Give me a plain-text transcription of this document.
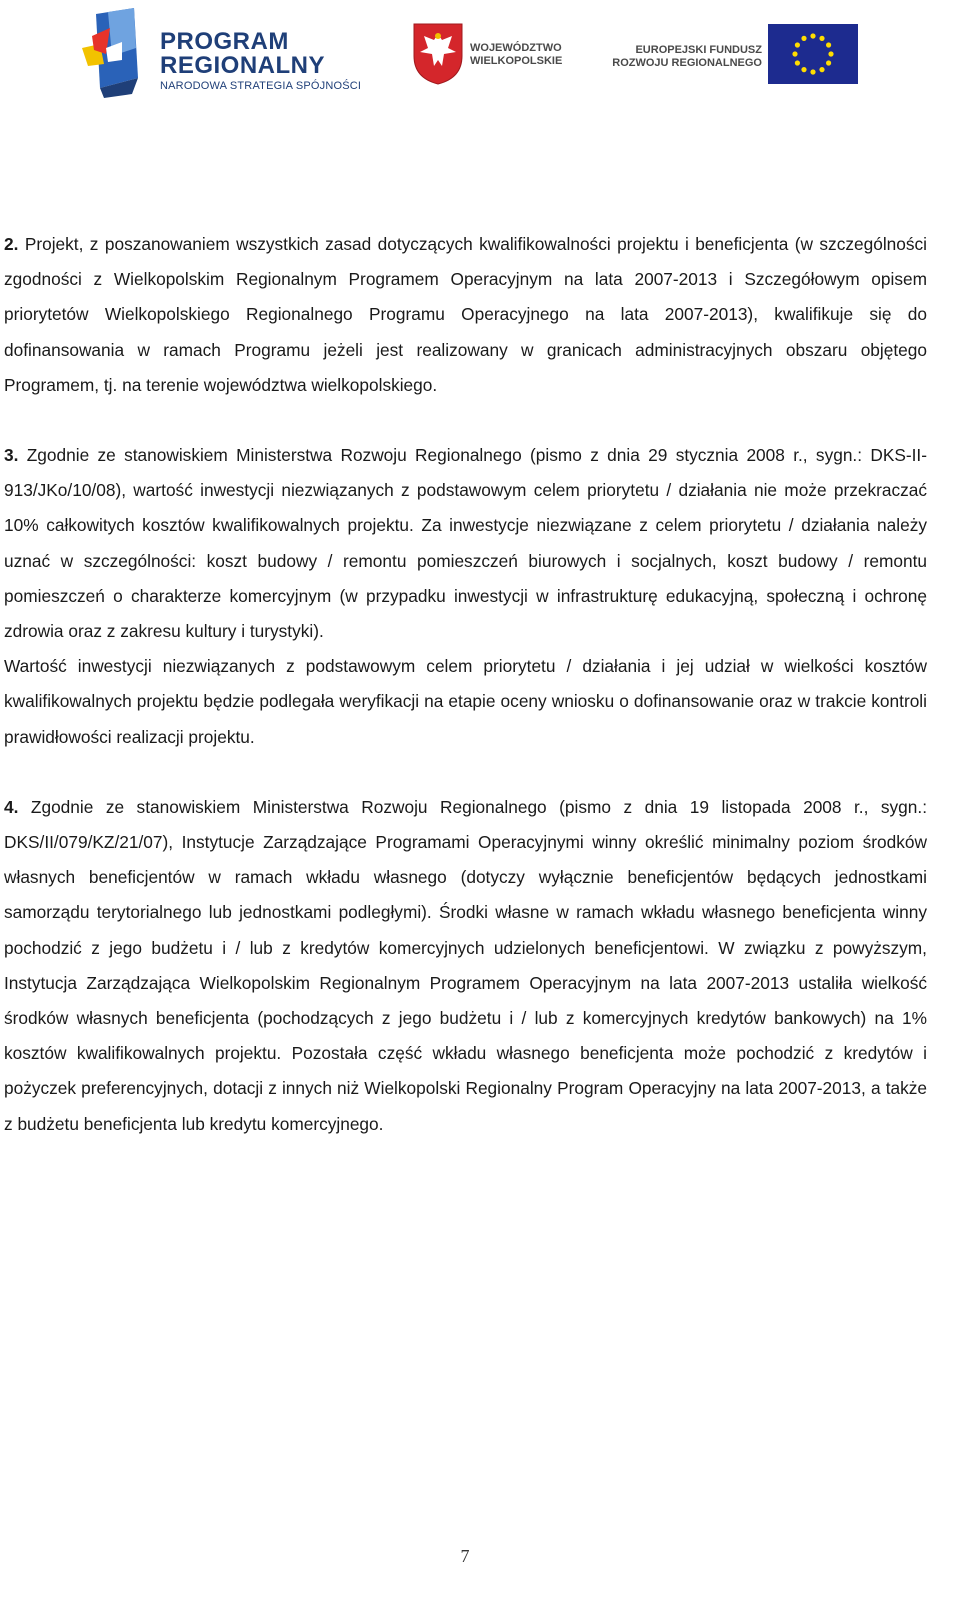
PROGRAM
REGIONALNY
NARODOWA STRATEGIA SPÓJNOŚCI
WOJEWÓDZTWO
WIELKOPOLSKIE
EUROPEJSKI FUNDUSZ
ROZWOJU REGIONALNEGO

2. Projekt, z poszanowaniem wszystkich zasad dotyczących kwalifikowalności projektu i beneficjenta (w szczególności zgodności z Wielkopolskim Regionalnym Programem Operacyjnym na lata 2007-2013 i Szczegółowym opisem priorytetów Wielkopolskiego Regionalnego Programu Operacyjnego na lata 2007-2013), kwalifikuje się do dofinansowania w ramach Programu jeżeli jest realizowany w granicach administracyjnych obszaru objętego Programem, tj. na terenie województwa wielkopolskiego.

3. Zgodnie ze stanowiskiem Ministerstwa Rozwoju Regionalnego (pismo z dnia 29 stycznia 2008 r., sygn.: DKS-II-913/JKo/10/08), wartość inwestycji niezwiązanych z podstawowym celem priorytetu / działania nie może przekraczać 10% całkowitych kosztów kwalifikowalnych projektu. Za inwestycje niezwiązane z celem priorytetu / działania należy uznać w szczególności: koszt budowy / remontu pomieszczeń biurowych i socjalnych, koszt budowy / remontu pomieszczeń o charakterze komercyjnym (w przypadku inwestycji w infrastrukturę edukacyjną, społeczną i ochronę zdrowia oraz z zakresu kultury i turystyki).

Wartość inwestycji niezwiązanych z podstawowym celem priorytetu / działania i jej udział w wielkości kosztów kwalifikowalnych projektu będzie podlegała weryfikacji na etapie oceny wniosku o dofinansowanie oraz w trakcie kontroli prawidłowości realizacji projektu.

4. Zgodnie ze stanowiskiem Ministerstwa Rozwoju Regionalnego (pismo z dnia 19 listopada 2008 r., sygn.: DKS/II/079/KZ/21/07), Instytucje Zarządzające Programami Operacyjnymi winny określić minimalny poziom środków własnych beneficjentów w ramach wkładu własnego (dotyczy wyłącznie beneficjentów będących jednostkami samorządu terytorialnego lub jednostkami podległymi). Środki własne w ramach wkładu własnego beneficjenta winny pochodzić z jego budżetu i / lub z kredytów komercyjnych udzielonych beneficjentowi. W związku z powyższym, Instytucja Zarządzająca Wielkopolskim Regionalnym Programem Operacyjnym na lata 2007-2013 ustaliła wielkość środków własnych beneficjenta (pochodzących z jego budżetu i / lub z komercyjnych kredytów bankowych) na 1% kosztów kwalifikowalnych projektu. Pozostała część wkładu własnego beneficjenta może pochodzić z kredytów i pożyczek preferencyjnych, dotacji z innych niż Wielkopolski Regionalny Program Operacyjny na lata 2007-2013, a także z budżetu beneficjenta lub kredytu komercyjnego.

7
